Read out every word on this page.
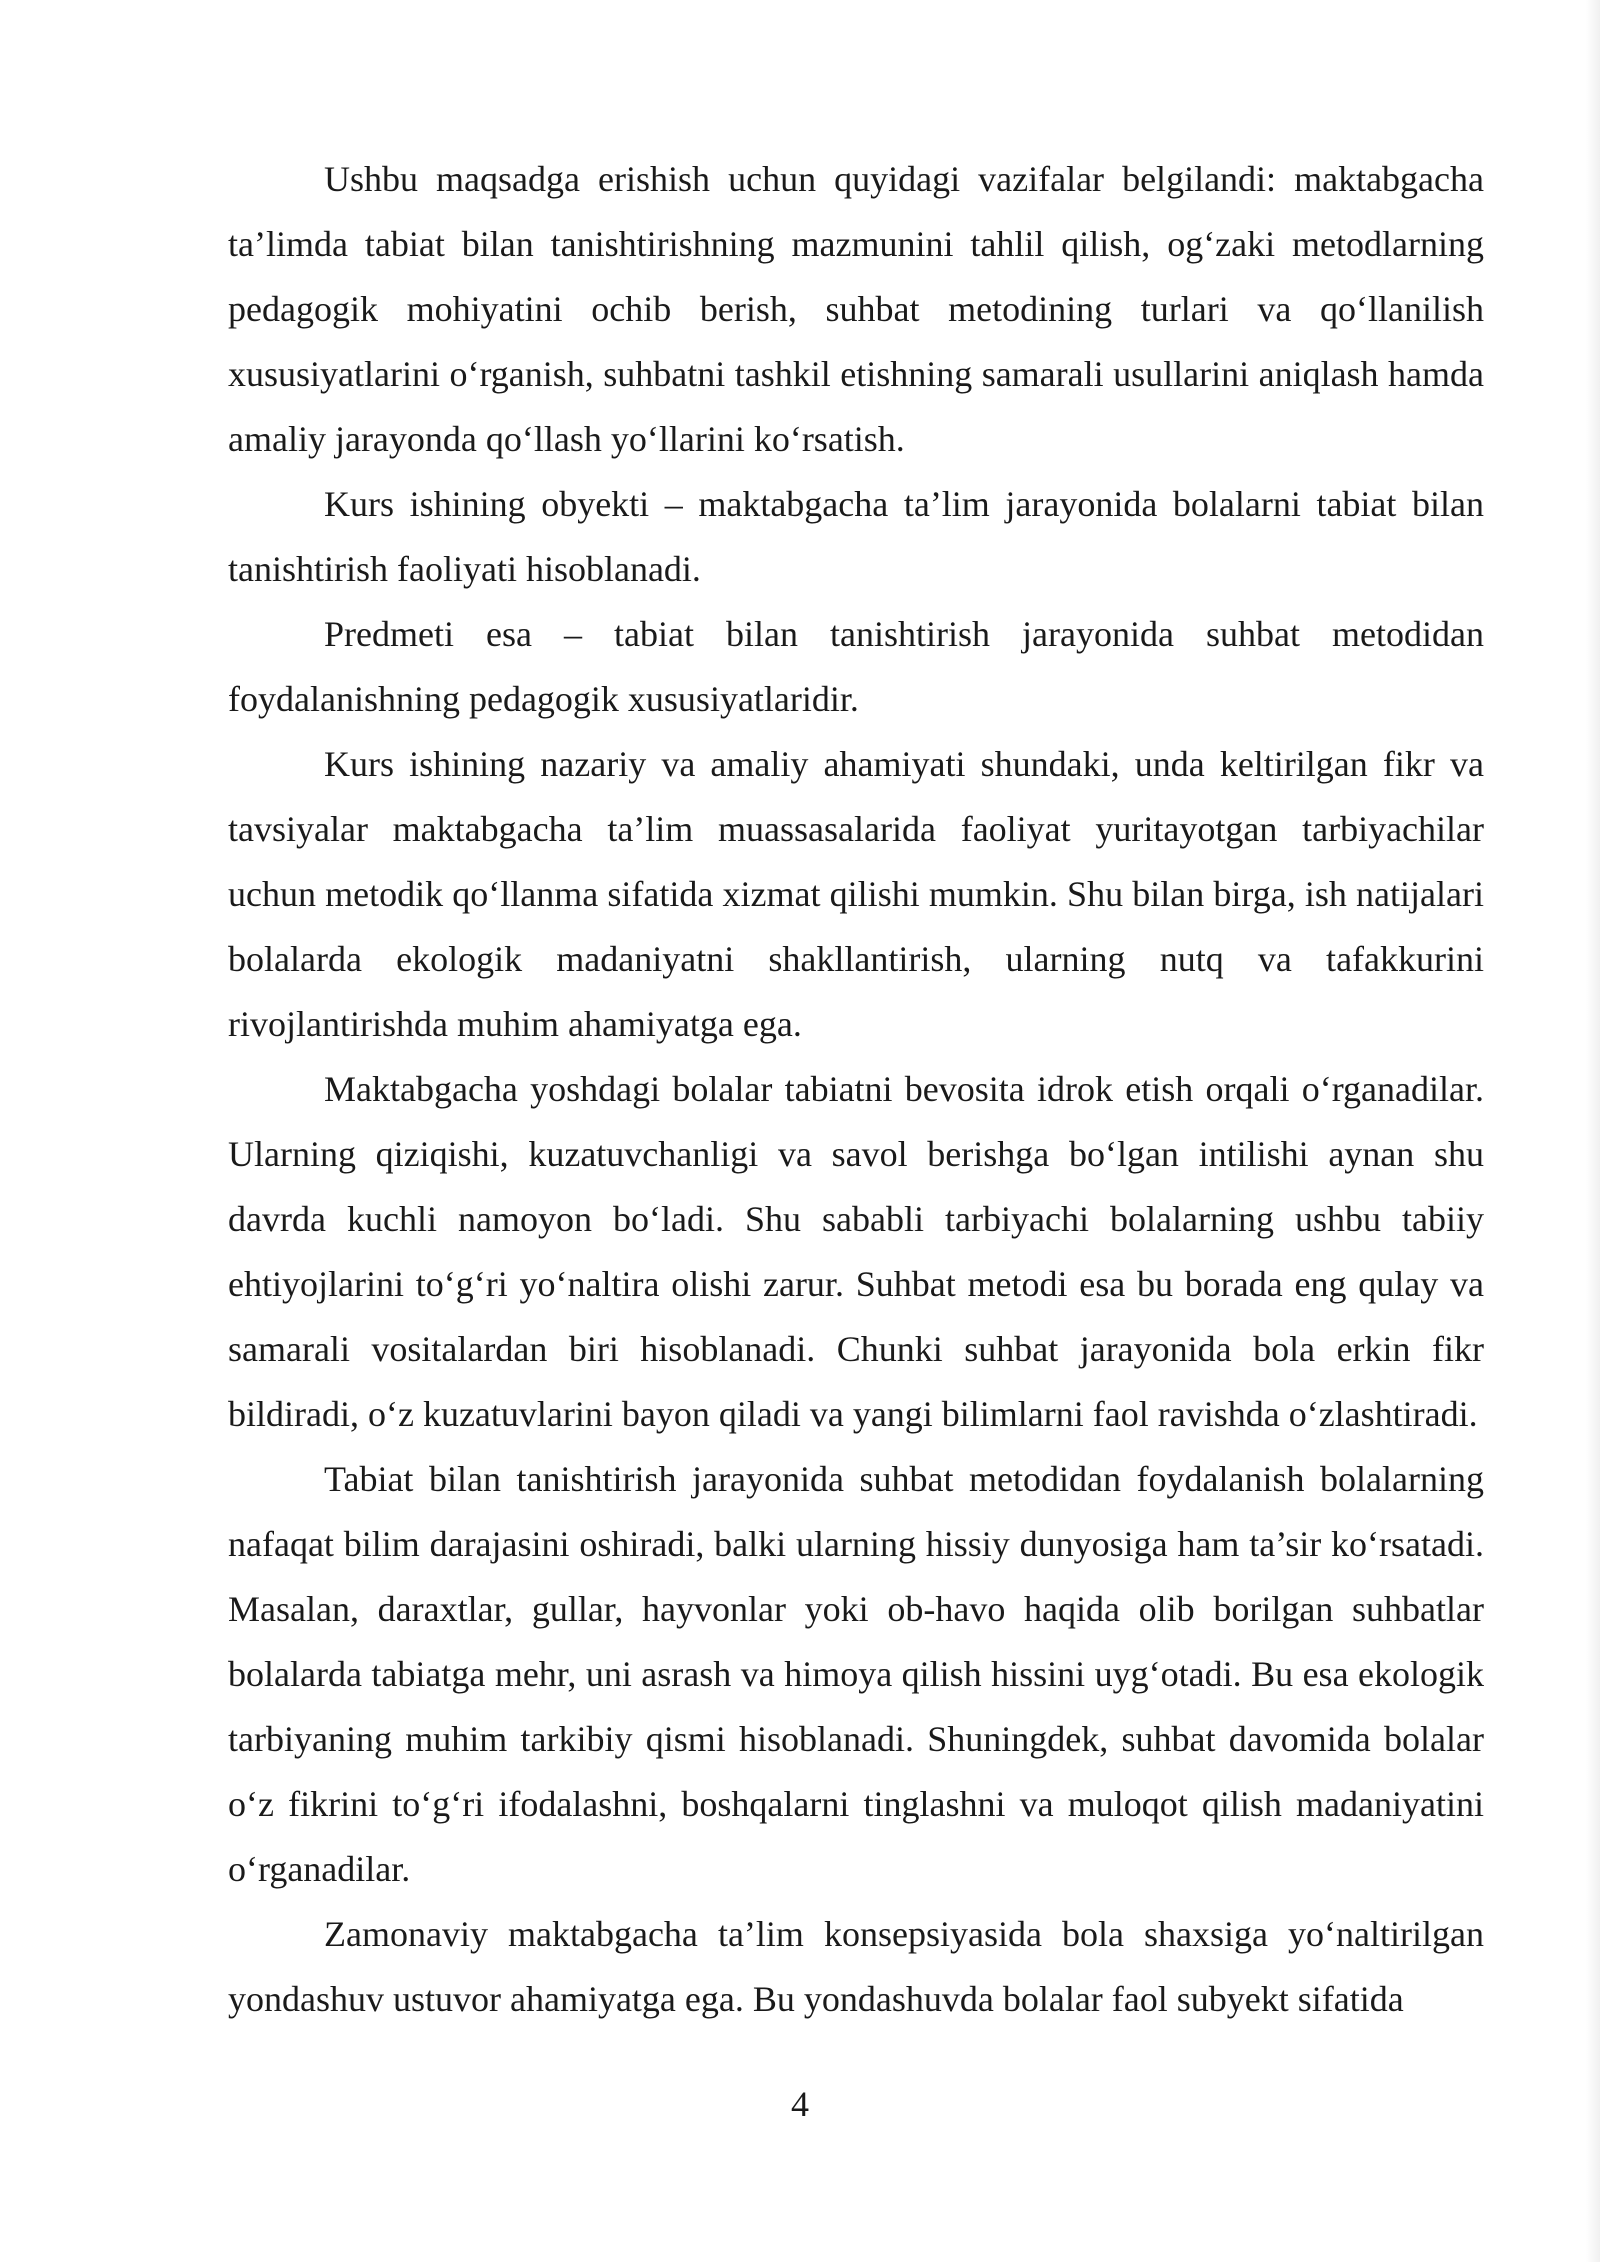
Ushbu maqsadga erishish uchun quyidagi vazifalar belgilandi: maktabgacha ta’limda tabiat bilan tanishtirishning mazmunini tahlil qilish, og‘zaki metodlarning pedagogik mohiyatini ochib berish, suhbat metodining turlari va qo‘llanilish xususiyatlarini o‘rganish, suhbatni tashkil etishning samarali usullarini aniqlash hamda amaliy jarayonda qo‘llash yo‘llarini ko‘rsatish.

Kurs ishining obyekti – maktabgacha ta’lim jarayonida bolalarni tabiat bilan tanishtirish faoliyati hisoblanadi.

Predmeti esa – tabiat bilan tanishtirish jarayonida suhbat metodidan foydalanishning pedagogik xususiyatlaridir.

Kurs ishining nazariy va amaliy ahamiyati shundaki, unda keltirilgan fikr va tavsiyalar maktabgacha ta’lim muassasalarida faoliyat yuritayotgan tarbiyachilar uchun metodik qo‘llanma sifatida xizmat qilishi mumkin. Shu bilan birga, ish natijalari bolalarda ekologik madaniyatni shakllantirish, ularning nutq va tafakkurini rivojlantirishda muhim ahamiyatga ega.

Maktabgacha yoshdagi bolalar tabiatni bevosita idrok etish orqali o‘rganadilar. Ularning qiziqishi, kuzatuvchanligi va savol berishga bo‘lgan intilishi aynan shu davrda kuchli namoyon bo‘ladi. Shu sababli tarbiyachi bolalarning ushbu tabiiy ehtiyojlarini to‘g‘ri yo‘naltira olishi zarur. Suhbat metodi esa bu borada eng qulay va samarali vositalardan biri hisoblanadi. Chunki suhbat jarayonida bola erkin fikr bildiradi, o‘z kuzatuvlarini bayon qiladi va yangi bilimlarni faol ravishda o‘zlashtiradi.

Tabiat bilan tanishtirish jarayonida suhbat metodidan foydalanish bolalarning nafaqat bilim darajasini oshiradi, balki ularning hissiy dunyosiga ham ta’sir ko‘rsatadi. Masalan, daraxtlar, gullar, hayvonlar yoki ob-havo haqida olib borilgan suhbatlar bolalarda tabiatga mehr, uni asrash va himoya qilish hissini uyg‘otadi. Bu esa ekologik tarbiyaning muhim tarkibiy qismi hisoblanadi. Shuningdek, suhbat davomida bolalar o‘z fikrini to‘g‘ri ifodalashni, boshqalarni tinglashni va muloqot qilish madaniyatini o‘rganadilar.

Zamonaviy maktabgacha ta’lim konsepsiyasida bola shaxsiga yo‘naltirilgan yondashuv ustuvor ahamiyatga ega. Bu yondashuvda bolalar faol subyekt sifatida

4
